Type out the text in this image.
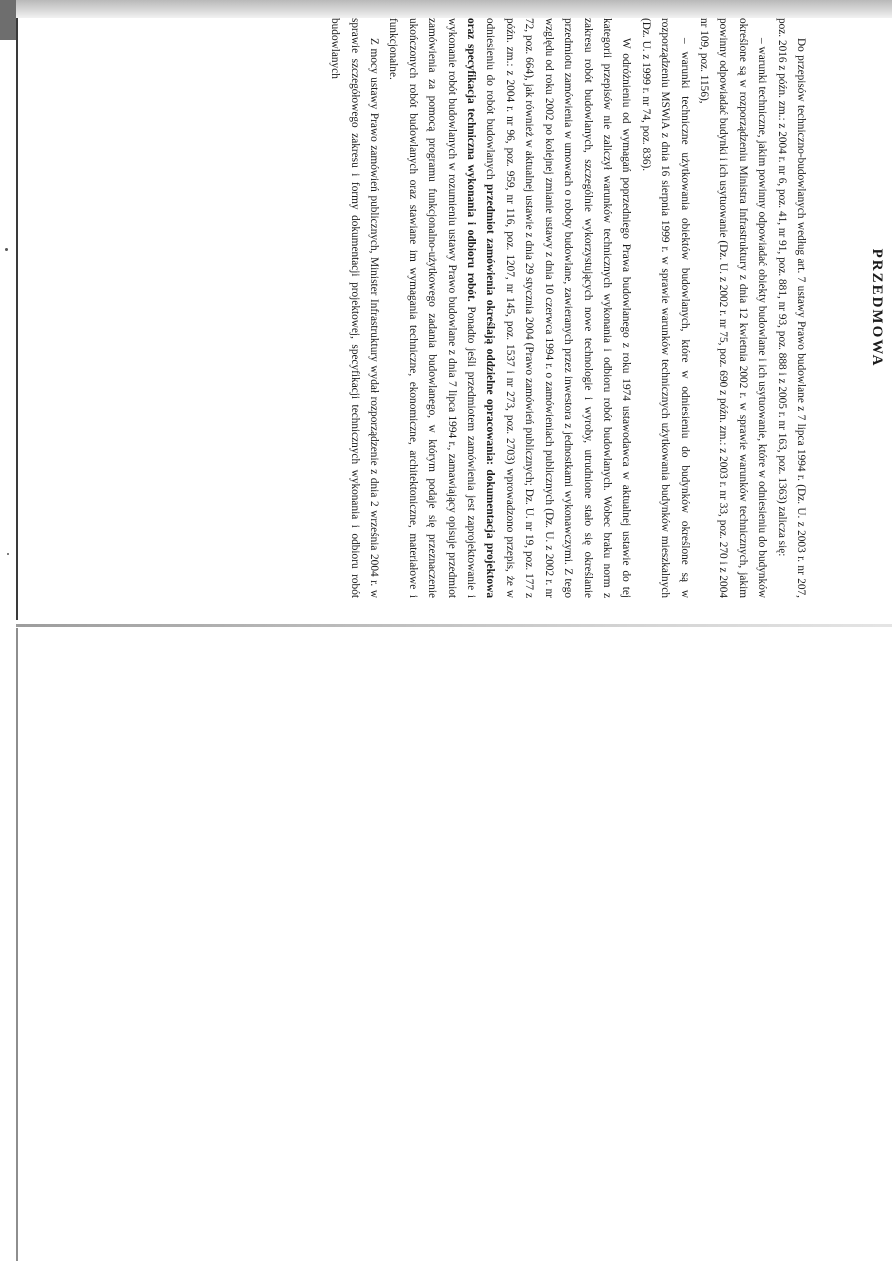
PRZEDMOWA

Do przepisów techniczno-budowlanych według art. 7 ustawy Prawo budowlane z 7 lipca 1994 r. (Dz. U. z 2003 r. nr 207, poz. 2016 z późn. zm.: z 2004 r. nr 6, poz. 41, nr 91, poz. 881, nr 93, poz. 888 i z 2005 r. nr 163, poz. 1363) zalicza się:

– warunki techniczne, jakim powinny odpowiadać obiekty budowlane i ich usytuowanie, które w odniesieniu do budynków określone są w rozporządzeniu Ministra Infrastruktury z dnia 12 kwietnia 2002 r. w sprawie warunków technicznych, jakim powinny odpowiadać budynki i ich usytuowanie (Dz. U. z 2002 r. nr 75, poz. 690 z późn. zm.: z 2003 r. nr 33, poz. 270 i z 2004 nr 109, poz. 1156),

– warunki techniczne użytkowania obiektów budowlanych, które w odniesieniu do budynków określone są w rozporządzeniu MSWiA z dnia 16 sierpnia 1999 r. w sprawie warunków technicznych użytkowania budynków mieszkalnych (Dz. U. z 1999 r. nr 74, poz. 836).

W odróżnieniu od wymagań poprzedniego Prawa budowlanego z roku 1974 ustawodawca w aktualnej ustawie do tej kategorii przepisów nie zaliczył warunków technicznych wykonania i odbioru robót budowlanych. Wobec braku norm z zakresu robót budowlanych, szczególnie wykorzystujących nowe technologie i wyroby, utrudnione stało się określanie przedmiotu zamówienia w umowach o roboty budowlane, zawieranych przez inwestora z jednostkami wykonawczymi. Z tego względu od roku 2002 po kolejnej zmianie ustawy z dnia 10 czerwca 1994 r. o zamówieniach publicznych (Dz. U. z 2002 r. nr 72, poz. 664), jak również w aktualnej ustawie z dnia 29 stycznia 2004 (Prawo zamówień publicznych; Dz. U. nr 19, poz. 177 z późn. zm.: z 2004 r. nr 96, poz. 959, nr 116, poz. 1207, nr 145, poz. 1537 i nr 273, poz. 2703) wprowadzono przepis, że w odniesieniu do robót budowlanych przedmiot zamówienia określają oddzielne opracowania: dokumentacja projektowa oraz specyfikacja techniczna wykonania i odbioru robót. Ponadto jeśli przedmiotem zamówienia jest zaprojektowanie i wykonanie robót budowlanych w rozumieniu ustawy Prawo budowlane z dnia 7 lipca 1994 r., zamawiający opisuje przedmiot zamówienia za pomocą programu funkcjonalno-użytkowego zadania budowlanego, w którym podaje się przeznaczenie ukończonych robót budowlanych oraz stawiane im wymagania techniczne, ekonomiczne, architektoniczne, materiałowe i funkcjonalne.

Z mocy ustawy Prawo zamówień publicznych, Minister Infrastruktury wydał rozporządzenie z dnia 2 września 2004 r. w sprawie szczegółowego zakresu i formy dokumentacji projektowej, specyfikacji technicznych wykonania i odbioru robót budowlanych
